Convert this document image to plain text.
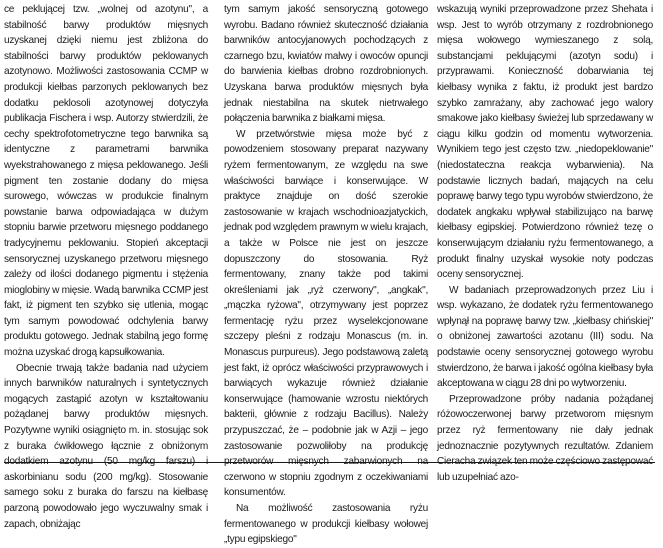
ce peklującej tzw. „wolnej od azotynu", a stabilność barwy produktów mięsnych uzyskanej dzięki niemu jest zbliżona do stabilności barwy produktów peklowanych azotynowo. Możliwości zastosowania CCMP w produkcji kiełbas parzonych peklowanych bez dodatku peklosoli azotynowej dotyczyła publikacja Fischera i wsp. Autorzy stwierdzili, że cechy spektrofotometryczne tego barwnika są identyczne z parametrami barwnika wyekstrahowanego z mięsa peklowanego. Jeśli pigment ten zostanie dodany do mięsa surowego, wówczas w produkcie finalnym powstanie barwa odpowiadająca w dużym stopniu barwie przetworu mięsnego poddanego tradycyjnemu peklowaniu. Stopień akceptacji sensorycznej uzyskanego przetworu mięsnego zależy od ilości dodanego pigmentu i stężenia mioglobiny w mięsie. Wadą barwnika CCMP jest fakt, iż pigment ten szybko się utlenia, mogąc tym samym powodować odchylenia barwy produktu gotowego. Jednak stabilną jego formę można uzyskać drogą kapsułkowania.

Obecnie trwają także badania nad użyciem innych barwników naturalnych i syntetycznych mogących zastąpić azotyn w kształtowaniu pożądanej barwy produktów mięsnych. Pozytywne wyniki osiągnięto m. in. stosując sok z buraka ćwikłowego łącznie z obniżonym dodatkiem azotynu (50 mg/kg farszu) i askorbinianu sodu (200 mg/kg). Stosowanie samego soku z buraka do farszu na kiełbasę parzoną powodowało jego wyczuwalny smak i zapach, obniżając

tym samym jakość sensoryczną gotowego wyrobu. Badano również skuteczność działania barwników antocyjanowych pochodzących z czarnego bzu, kwiatów malwy i owoców opuncji do barwienia kiełbas drobno rozdrobnionych. Uzyskana barwa produktów mięsnych była jednak niestabilna na skutek nietrwałego połączenia barwnika z białkami mięsa.

W przetwórstwie mięsa może być z powodzeniem stosowany preparat nazywany ryżem fermentowanym, ze względu na swe właściwości barwiące i konserwujące. W praktyce znajduje on dość szerokie zastosowanie w krajach wschodnioazjatyckich, jednak pod względem prawnym w wielu krajach, a także w Polsce nie jest on jeszcze dopuszczony do stosowania. Ryż fermentowany, znany także pod takimi określeniami jak „ryż czerwony", „angkak", „mączka ryżowa", otrzymywany jest poprzez fermentację ryżu przez wyselekcjonowane szczepy pleśni z rodzaju Monascus (m. in. Monascus purpureus). Jego podstawową zaletą jest fakt, iż oprócz właściwości przyprawowych i barwiących wykazuje również działanie konserwujące (hamowanie wzrostu niektórych bakterii, głównie z rodzaju Bacillus). Należy przypuszczać, że – podobnie jak w Azji – jego zastosowanie pozwoliłoby na produkcję przetworów mięsnych zabarwionych na czerwono w stopniu zgodnym z oczekiwaniami konsumentów.

Na możliwość zastosowania ryżu fermentowanego w produkcji kiełbasy wołowej „typu egipskiego"

wskazują wyniki przeprowadzone przez Shehata i wsp. Jest to wyrób otrzymany z rozdrobnionego mięsa wołowego wymieszanego z solą, substancjami peklującymi (azotyn sodu) i przyprawami. Konieczność dobarwiania tej kiełbasy wynika z faktu, iż produkt jest bardzo szybko zamrażany, aby zachować jego walory smakowe jako kiełbasy świeżej lub sprzedawany w ciągu kilku godzin od momentu wytworzenia. Wynikiem tego jest często tzw. „niedopeklowanie" (niedostateczna reakcja wybarwienia). Na podstawie licznych badań, mających na celu poprawę barwy tego typu wyrobów stwierdzono, że dodatek angkaku wpływał stabilizująco na barwę kiełbasy egipskiej. Potwierdzono również tezę o konserwującym działaniu ryżu fermentowanego, a produkt finalny uzyskał wysokie noty podczas oceny sensorycznej.

W badaniach przeprowadzonych przez Liu i wsp. wykazano, że dodatek ryżu fermentowanego wpłynął na poprawę barwy tzw. „kiełbasy chińskiej" o obniżonej zawartości azotanu (III) sodu. Na podstawie oceny sensorycznej gotowego wyrobu stwierdzono, że barwa i jakość ogólna kiełbasy była akceptowana w ciągu 28 dni po wytworzeniu.

Przeprowadzone próby nadania pożądanej różowoczerwonej barwy przetworom mięsnym przez ryż fermentowany nie dały jednak jednoznacznie pozytywnych rezultatów. Zdaniem Cieracha związek ten może częściowo zastępować lub uzupełniać azo-
